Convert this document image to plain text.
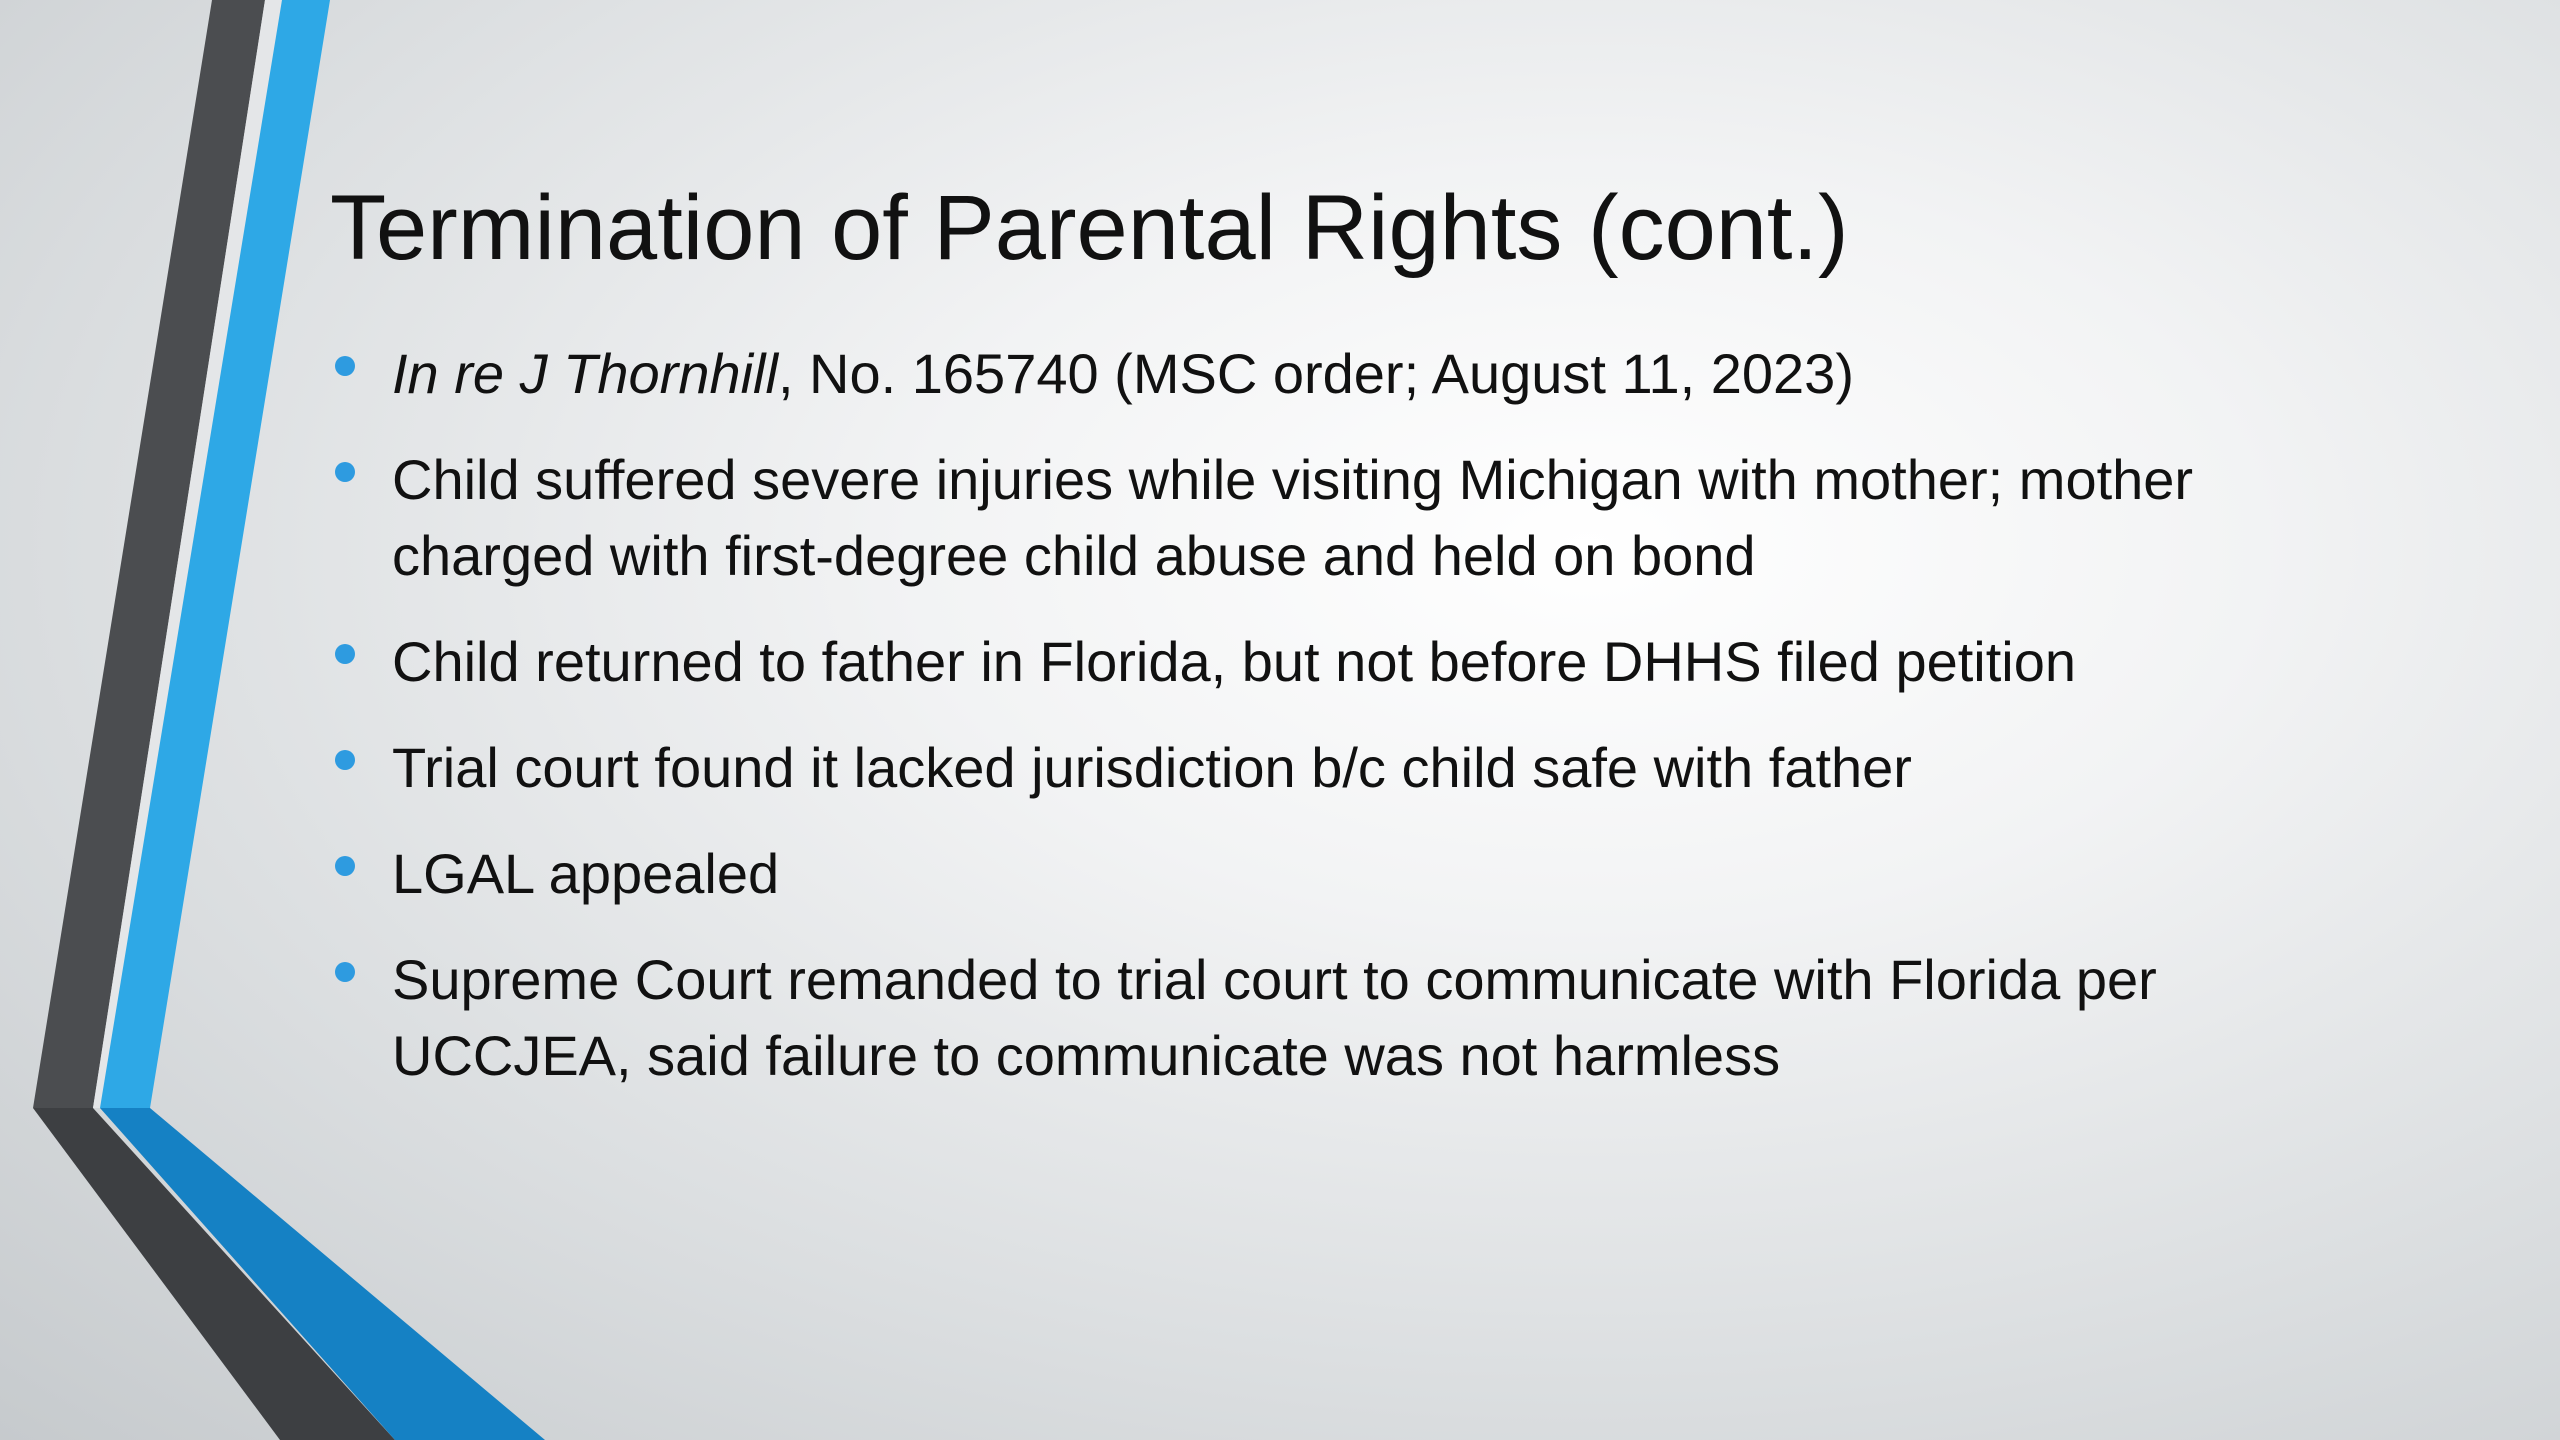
Termination of Parental Rights (cont.)
In re J Thornhill, No. 165740 (MSC order; August 11, 2023)
Child suffered severe injuries while visiting Michigan with mother; mother charged with first-degree child abuse and held on bond
Child returned to father in Florida, but not before DHHS filed petition
Trial court found it lacked jurisdiction b/c child safe with father
LGAL appealed
Supreme Court remanded to trial court to communicate with Florida per UCCJEA, said failure to communicate was not harmless
